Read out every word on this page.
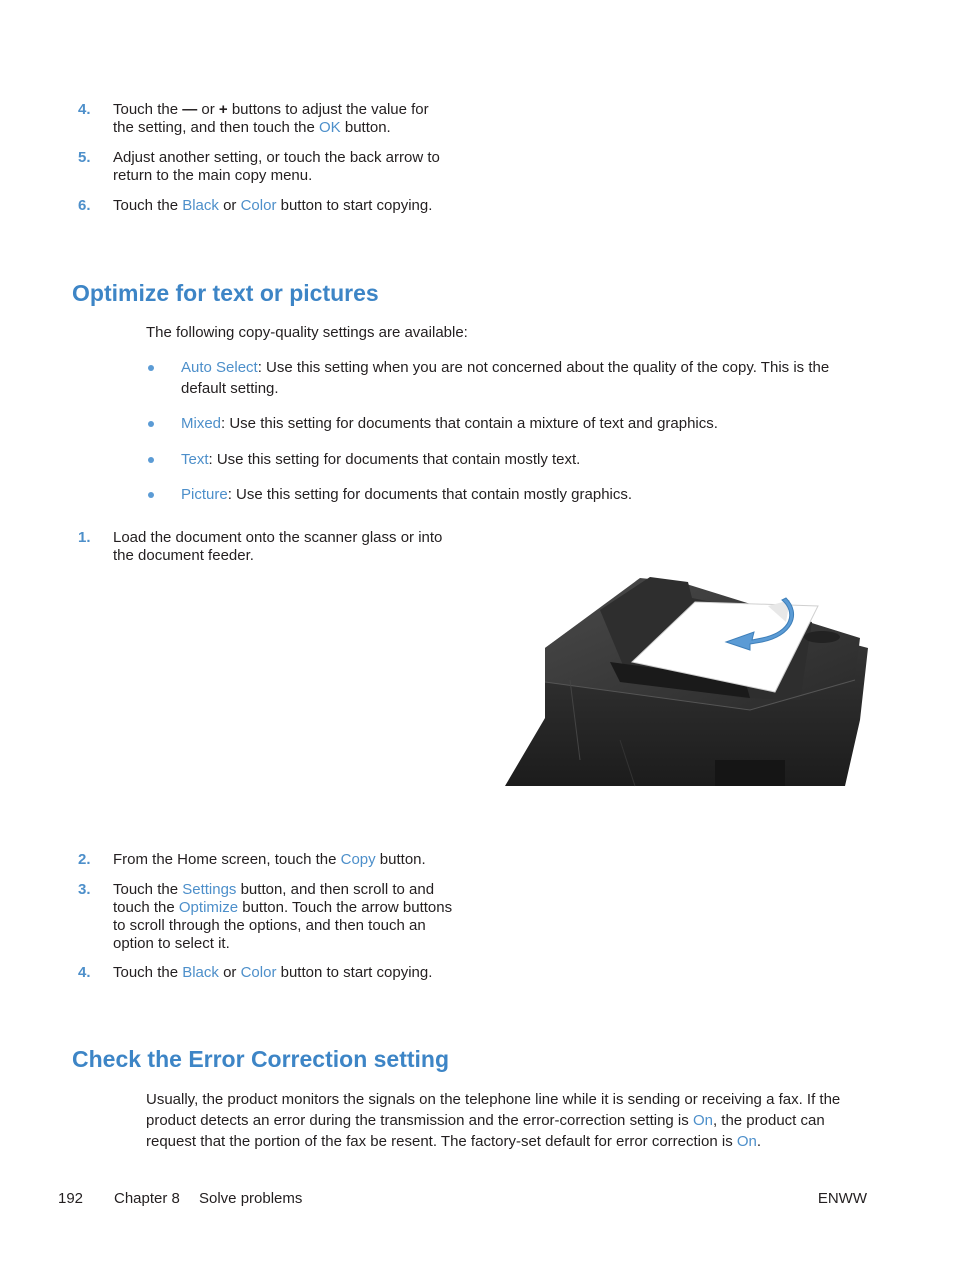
4. Touch the — or + buttons to adjust the value for the setting, and then touch the OK button.
5. Adjust another setting, or touch the back arrow to return to the main copy menu.
6. Touch the Black or Color button to start copying.
Optimize for text or pictures
The following copy-quality settings are available:
Auto Select: Use this setting when you are not concerned about the quality of the copy. This is the default setting.
Mixed: Use this setting for documents that contain a mixture of text and graphics.
Text: Use this setting for documents that contain mostly text.
Picture: Use this setting for documents that contain mostly graphics.
1. Load the document onto the scanner glass or into the document feeder.
2. From the Home screen, touch the Copy button.
3. Touch the Settings button, and then scroll to and touch the Optimize button. Touch the arrow buttons to scroll through the options, and then touch an option to select it.
4. Touch the Black or Color button to start copying.
Check the Error Correction setting
Usually, the product monitors the signals on the telephone line while it is sending or receiving a fax. If the product detects an error during the transmission and the error-correction setting is On, the product can request that the portion of the fax be resent. The factory-set default for error correction is On.
192 Chapter 8 Solve problems	ENWW
